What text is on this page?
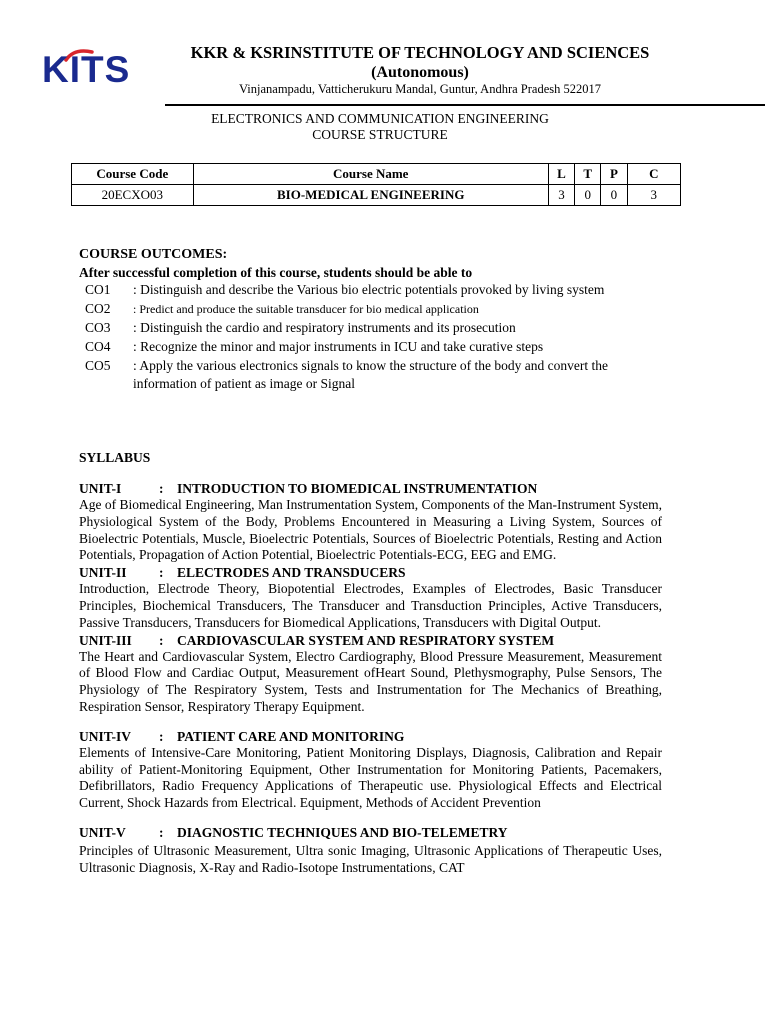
KITS	KKR & KSRINSTITUTE OF TECHNOLOGY AND SCIENCES
(Autonomous)
Vinjanampadu, Vatticherukuru Mandal, Guntur, Andhra Pradesh 522017
ELECTRONICS AND COMMUNICATION ENGINEERING
COURSE STRUCTURE
Course Code	Course Name	L	T	P	C
20ECXO03	BIO-MEDICAL ENGINEERING	3	0	0	3
COURSE OUTCOMES:
After successful completion of this course, students should be able to
CO1	: Distinguish and describe the Various bio electric potentials provoked by living system
CO2	: Predict and produce the suitable transducer for bio medical application
CO3	: Distinguish the cardio and respiratory instruments and its prosecution
CO4	: Recognize the minor and major instruments in ICU and take curative steps
CO5	: Apply the various electronics signals to know the structure of the body and convert the information of patient as image or Signal
SYLLABUS
UNIT-I	:	INTRODUCTION TO BIOMEDICAL INSTRUMENTATION
Age of Biomedical Engineering, Man Instrumentation System, Components of the Man-Instrument System, Physiological System of the Body, Problems Encountered in Measuring a Living System, Sources of Bioelectric Potentials, Muscle, Bioelectric Potentials, Sources of Bioelectric Potentials, Resting and Action Potentials, Propagation of Action Potential, Bioelectric Potentials-ECG, EEG and EMG.
UNIT-II	:	ELECTRODES AND TRANSDUCERS
Introduction, Electrode Theory, Biopotential Electrodes, Examples of Electrodes, Basic Transducer Principles, Biochemical Transducers, The Transducer and Transduction Principles, Active Transducers, Passive Transducers, Transducers for Biomedical Applications, Transducers with Digital Output.
UNIT-III	:	CARDIOVASCULAR SYSTEM AND RESPIRATORY SYSTEM
The Heart and Cardiovascular System, Electro Cardiography, Blood Pressure Measurement, Measurement of Blood Flow and Cardiac Output, Measurement ofHeart Sound, Plethysmography, Pulse Sensors, The Physiology of The Respiratory System, Tests and Instrumentation for The Mechanics of Breathing, Respiration Sensor, Respiratory Therapy Equipment.
UNIT-IV	:	PATIENT CARE AND MONITORING
Elements of Intensive-Care Monitoring, Patient Monitoring Displays, Diagnosis, Calibration and Repair ability of Patient-Monitoring Equipment, Other Instrumentation for Monitoring Patients, Pacemakers, Defibrillators, Radio Frequency Applications of Therapeutic use. Physiological Effects and Electrical Current, Shock Hazards from Electrical. Equipment, Methods of Accident Prevention
UNIT-V	:	DIAGNOSTIC TECHNIQUES AND BIO-TELEMETRY
Principles of Ultrasonic Measurement, Ultra sonic Imaging, Ultrasonic Applications of Therapeutic Uses, Ultrasonic Diagnosis, X-Ray and Radio-Isotope Instrumentations, CAT
